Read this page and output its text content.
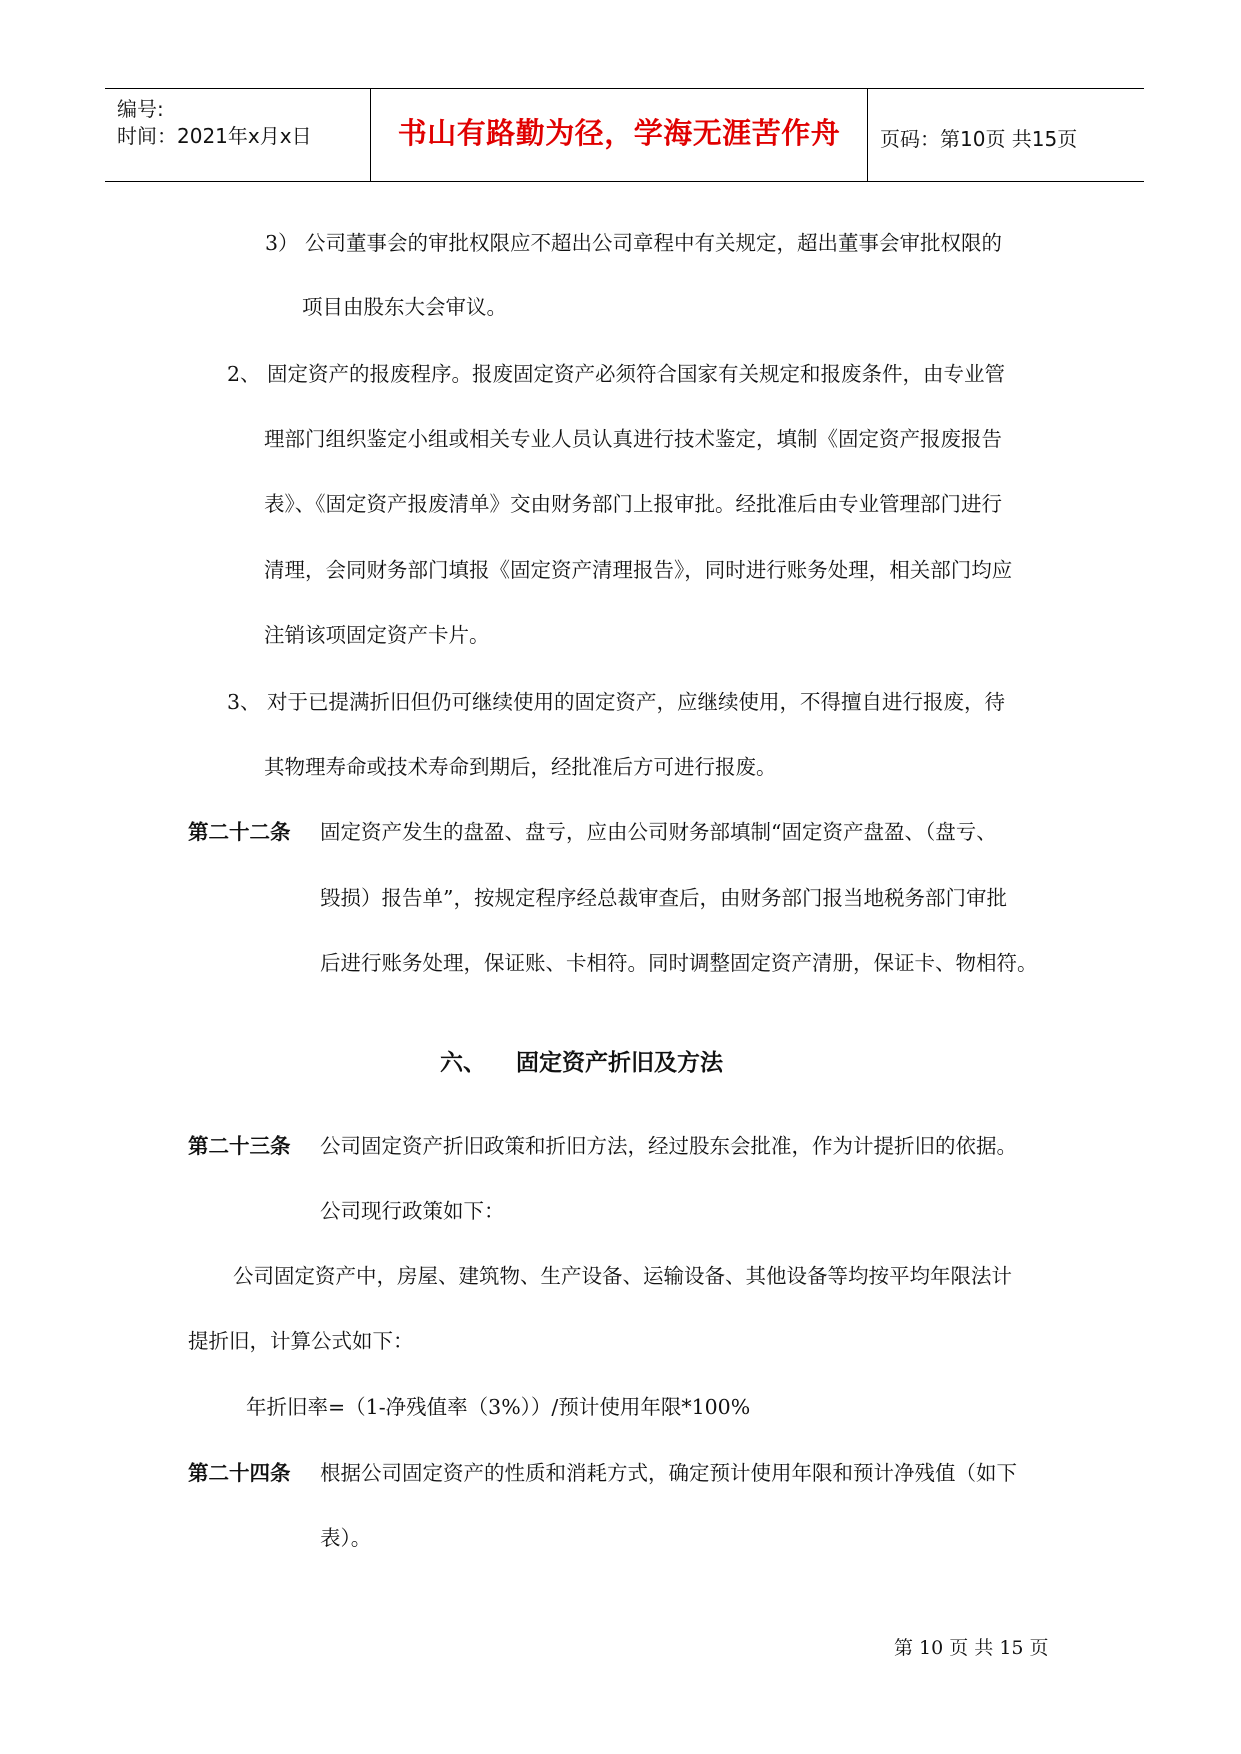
编号:
时间：2021年x月x日	书山有路勤为径，学海无涯苦作舟	页码：第10页 共15页
3） 公司董事会的审批权限应不超出公司章程中有关规定，超出董事会审批权限的
项目由股东大会审议。
2、 固定资产的报废程序。报废固定资产必须符合国家有关规定和报废条件，由专业管
理部门组织鉴定小组或相关专业人员认真进行技术鉴定，填制《固定资产报废报告
表》、《固定资产报废清单》交由财务部门上报审批。经批准后由专业管理部门进行
清理，会同财务部门填报《固定资产清理报告》，同时进行账务处理，相关部门均应
注销该项固定资产卡片。
3、 对于已提满折旧但仍可继续使用的固定资产，应继续使用，不得擅自进行报废，待
其物理寿命或技术寿命到期后，经批准后方可进行报废。
第二十二条 固定资产发生的盘盈、盘亏，应由公司财务部填制“固定资产盘盈、（盘亏、
毁损）报告单”，按规定程序经总裁审查后，由财务部门报当地税务部门审批
后进行账务处理，保证账、卡相符。同时调整固定资产清册，保证卡、物相符。
六、 固定资产折旧及方法
第二十三条 公司固定资产折旧政策和折旧方法，经过股东会批准，作为计提折旧的依据。
公司现行政策如下：
公司固定资产中，房屋、建筑物、生产设备、运输设备、其他设备等均按平均年限法计
提折旧，计算公式如下：
年折旧率=（1-净残值率（3%））/预计使用年限*100%
第二十四条 根据公司固定资产的性质和消耗方式，确定预计使用年限和预计净残值（如下
表）。
第 10 页 共 15 页
